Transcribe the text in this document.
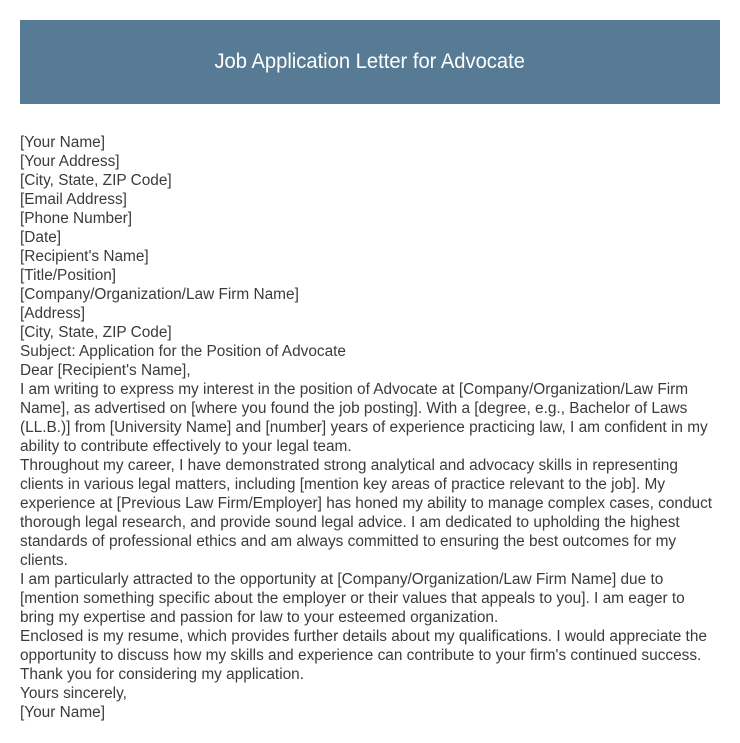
Job Application Letter for Advocate
[Your Name]
[Your Address]
[City, State, ZIP Code]
[Email Address]
[Phone Number]
[Date]
[Recipient's Name]
[Title/Position]
[Company/Organization/Law Firm Name]
[Address]
[City, State, ZIP Code]
Subject: Application for the Position of Advocate
Dear [Recipient's Name],
I am writing to express my interest in the position of Advocate at [Company/Organization/Law Firm Name], as advertised on [where you found the job posting]. With a [degree, e.g., Bachelor of Laws (LL.B.)] from [University Name] and [number] years of experience practicing law, I am confident in my ability to contribute effectively to your legal team.
Throughout my career, I have demonstrated strong analytical and advocacy skills in representing clients in various legal matters, including [mention key areas of practice relevant to the job]. My experience at [Previous Law Firm/Employer] has honed my ability to manage complex cases, conduct thorough legal research, and provide sound legal advice. I am dedicated to upholding the highest standards of professional ethics and am always committed to ensuring the best outcomes for my clients.
I am particularly attracted to the opportunity at [Company/Organization/Law Firm Name] due to [mention something specific about the employer or their values that appeals to you]. I am eager to bring my expertise and passion for law to your esteemed organization.
Enclosed is my resume, which provides further details about my qualifications. I would appreciate the opportunity to discuss how my skills and experience can contribute to your firm's continued success. Thank you for considering my application.
Yours sincerely,
[Your Name]
